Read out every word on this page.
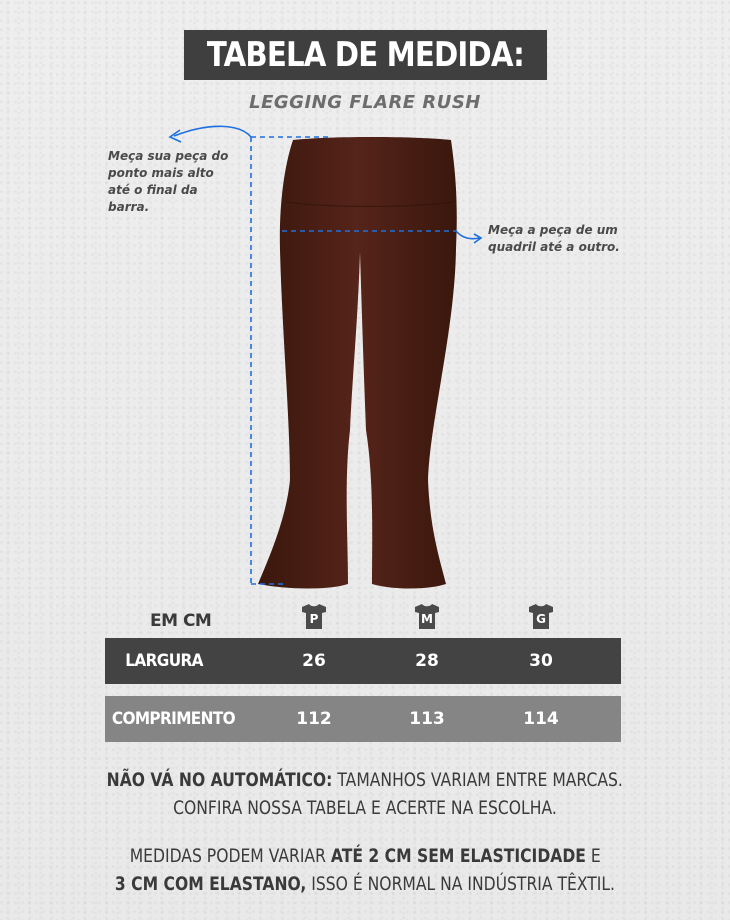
TABELA DE MEDIDA:
LEGGING FLARE RUSH
Meça sua peça do ponto mais alto até o final da barra.
Meça a peça de um quadril até a outro.
EM CM	P	M	G
LARGURA	26	28	30
COMPRIMENTO	112	113	114
NÃO VÁ NO AUTOMÁTICO: TAMANHOS VARIAM ENTRE MARCAS.
CONFIRA NOSSA TABELA E ACERTE NA ESCOLHA.
MEDIDAS PODEM VARIAR ATÉ 2 CM SEM ELASTICIDADE E
3 CM COM ELASTANO, ISSO É NORMAL NA INDÚSTRIA TÊXTIL.
